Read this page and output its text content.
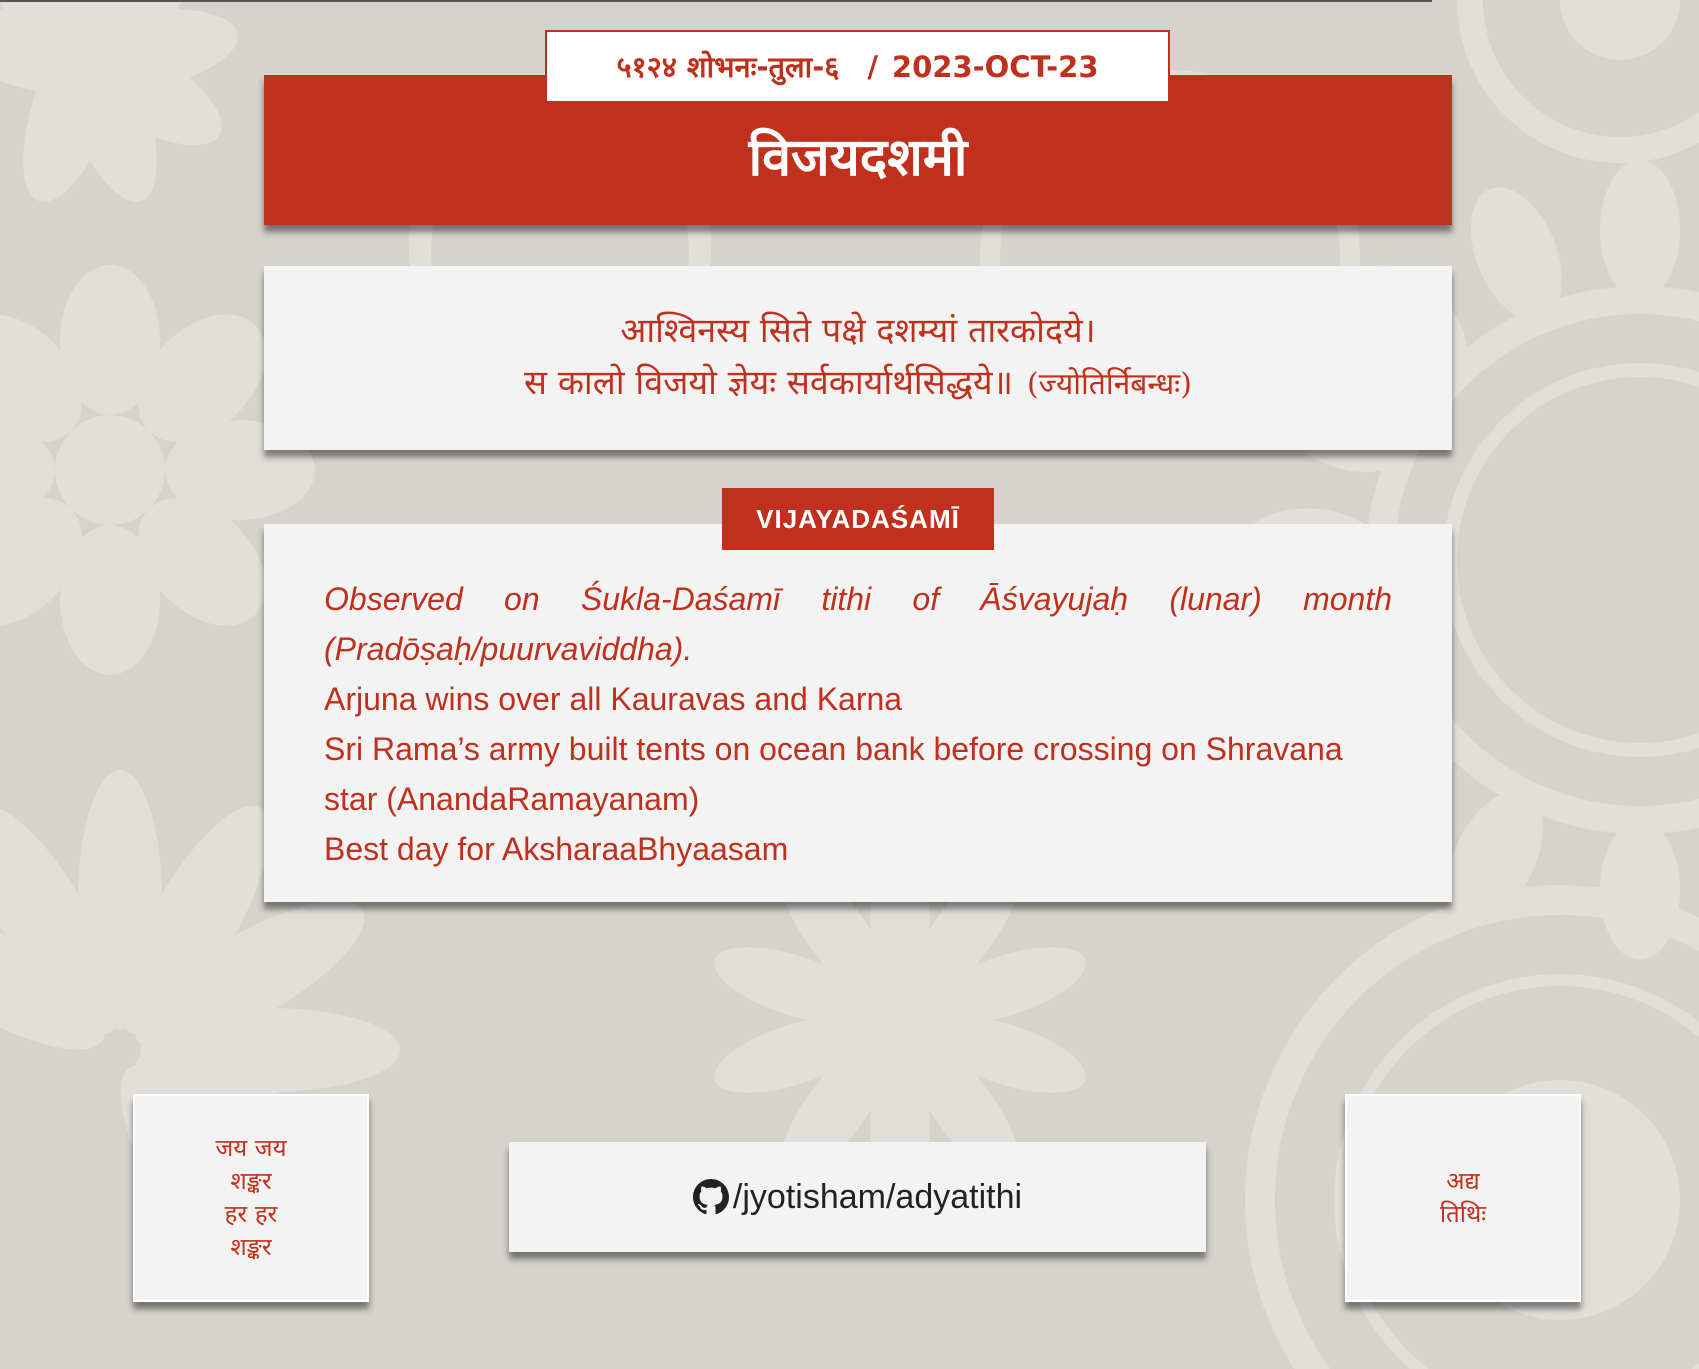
५१२४ शोभनः-तुला-६ / 2023-OCT-23
विजयदशमी
आश्विनस्य सिते पक्षे दशम्यां तारकोदये।
स कालो विजयो ज्ञेयः सर्वकार्यार्थसिद्धये॥ (ज्योतिर्निबन्धः)
VIJAYADAŚAMĪ
Observed on Śukla-Daśamī tithi of Āśvayujaḥ (lunar) month (Pradōṣaḥ/puurvaviddha).
Arjuna wins over all Kauravas and Karna
Sri Rama’s army built tents on ocean bank before crossing on Shravana star (AnandaRamayanam)
Best day for AksharaaBhyaasam
जय जय
शङ्कर
हर हर
शङ्कर
/jyotisham/adyatithi	अद्य
तिथिः
